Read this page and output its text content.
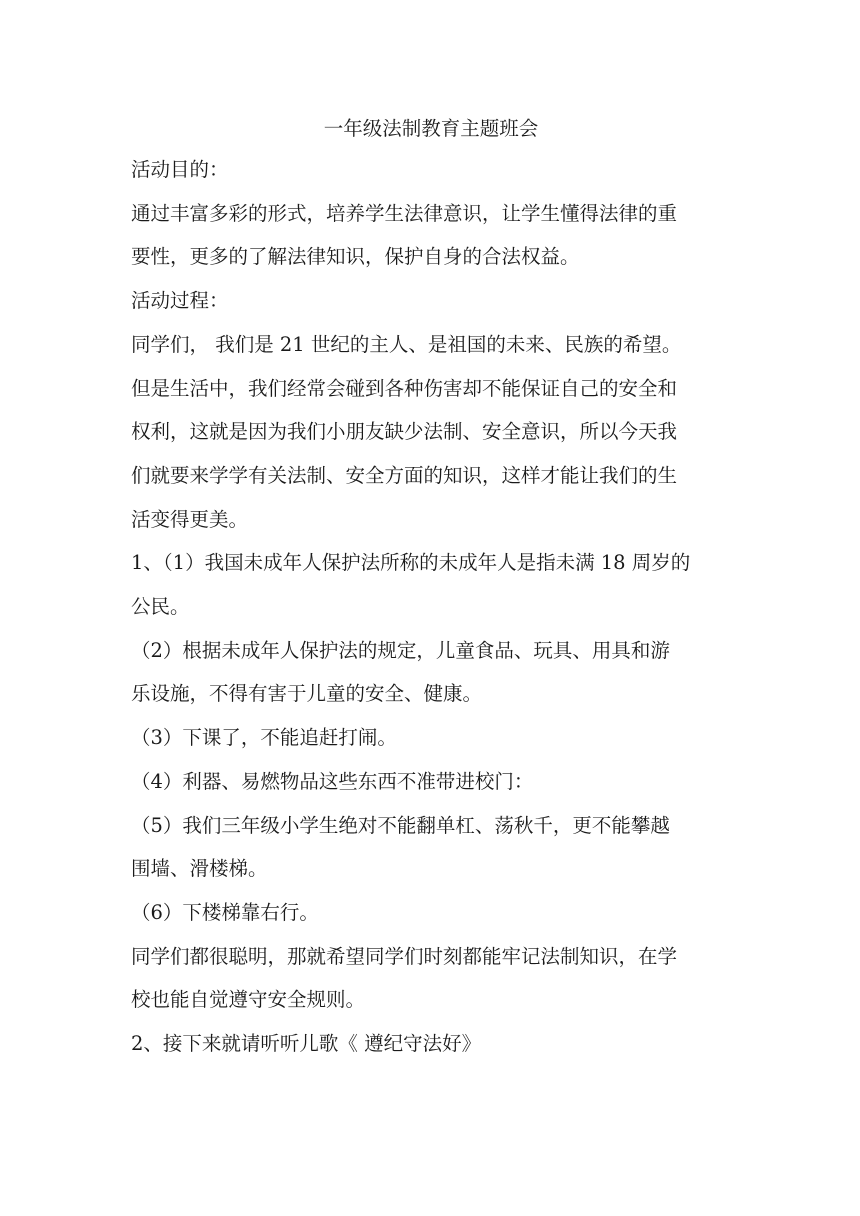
一年级法制教育主题班会

活动目的：

通过丰富多彩的形式，培养学生法律意识，让学生懂得法律的重

要性，更多的了解法律知识，保护自身的合法权益。

活动过程：

同学们， 我们是 21 世纪的主人、是祖国的未来、民族的希望。

但是生活中，我们经常会碰到各种伤害却不能保证自己的安全和

权利，这就是因为我们小朋友缺少法制、安全意识，所以今天我

们就要来学学有关法制、安全方面的知识，这样才能让我们的生

活变得更美。

1、（1）我国未成年人保护法所称的未成年人是指未满 18 周岁的

公民。

（2）根据未成年人保护法的规定，儿童食品、玩具、用具和游

乐设施，不得有害于儿童的安全、健康。

（3）下课了，不能追赶打闹。

（4）利器、易燃物品这些东西不准带进校门：

（5）我们三年级小学生绝对不能翻单杠、荡秋千，更不能攀越

围墙、滑楼梯。

（6）下楼梯靠右行。

同学们都很聪明，那就希望同学们时刻都能牢记法制知识，在学

校也能自觉遵守安全规则。

2、接下来就请听听儿歌《 遵纪守法好》
